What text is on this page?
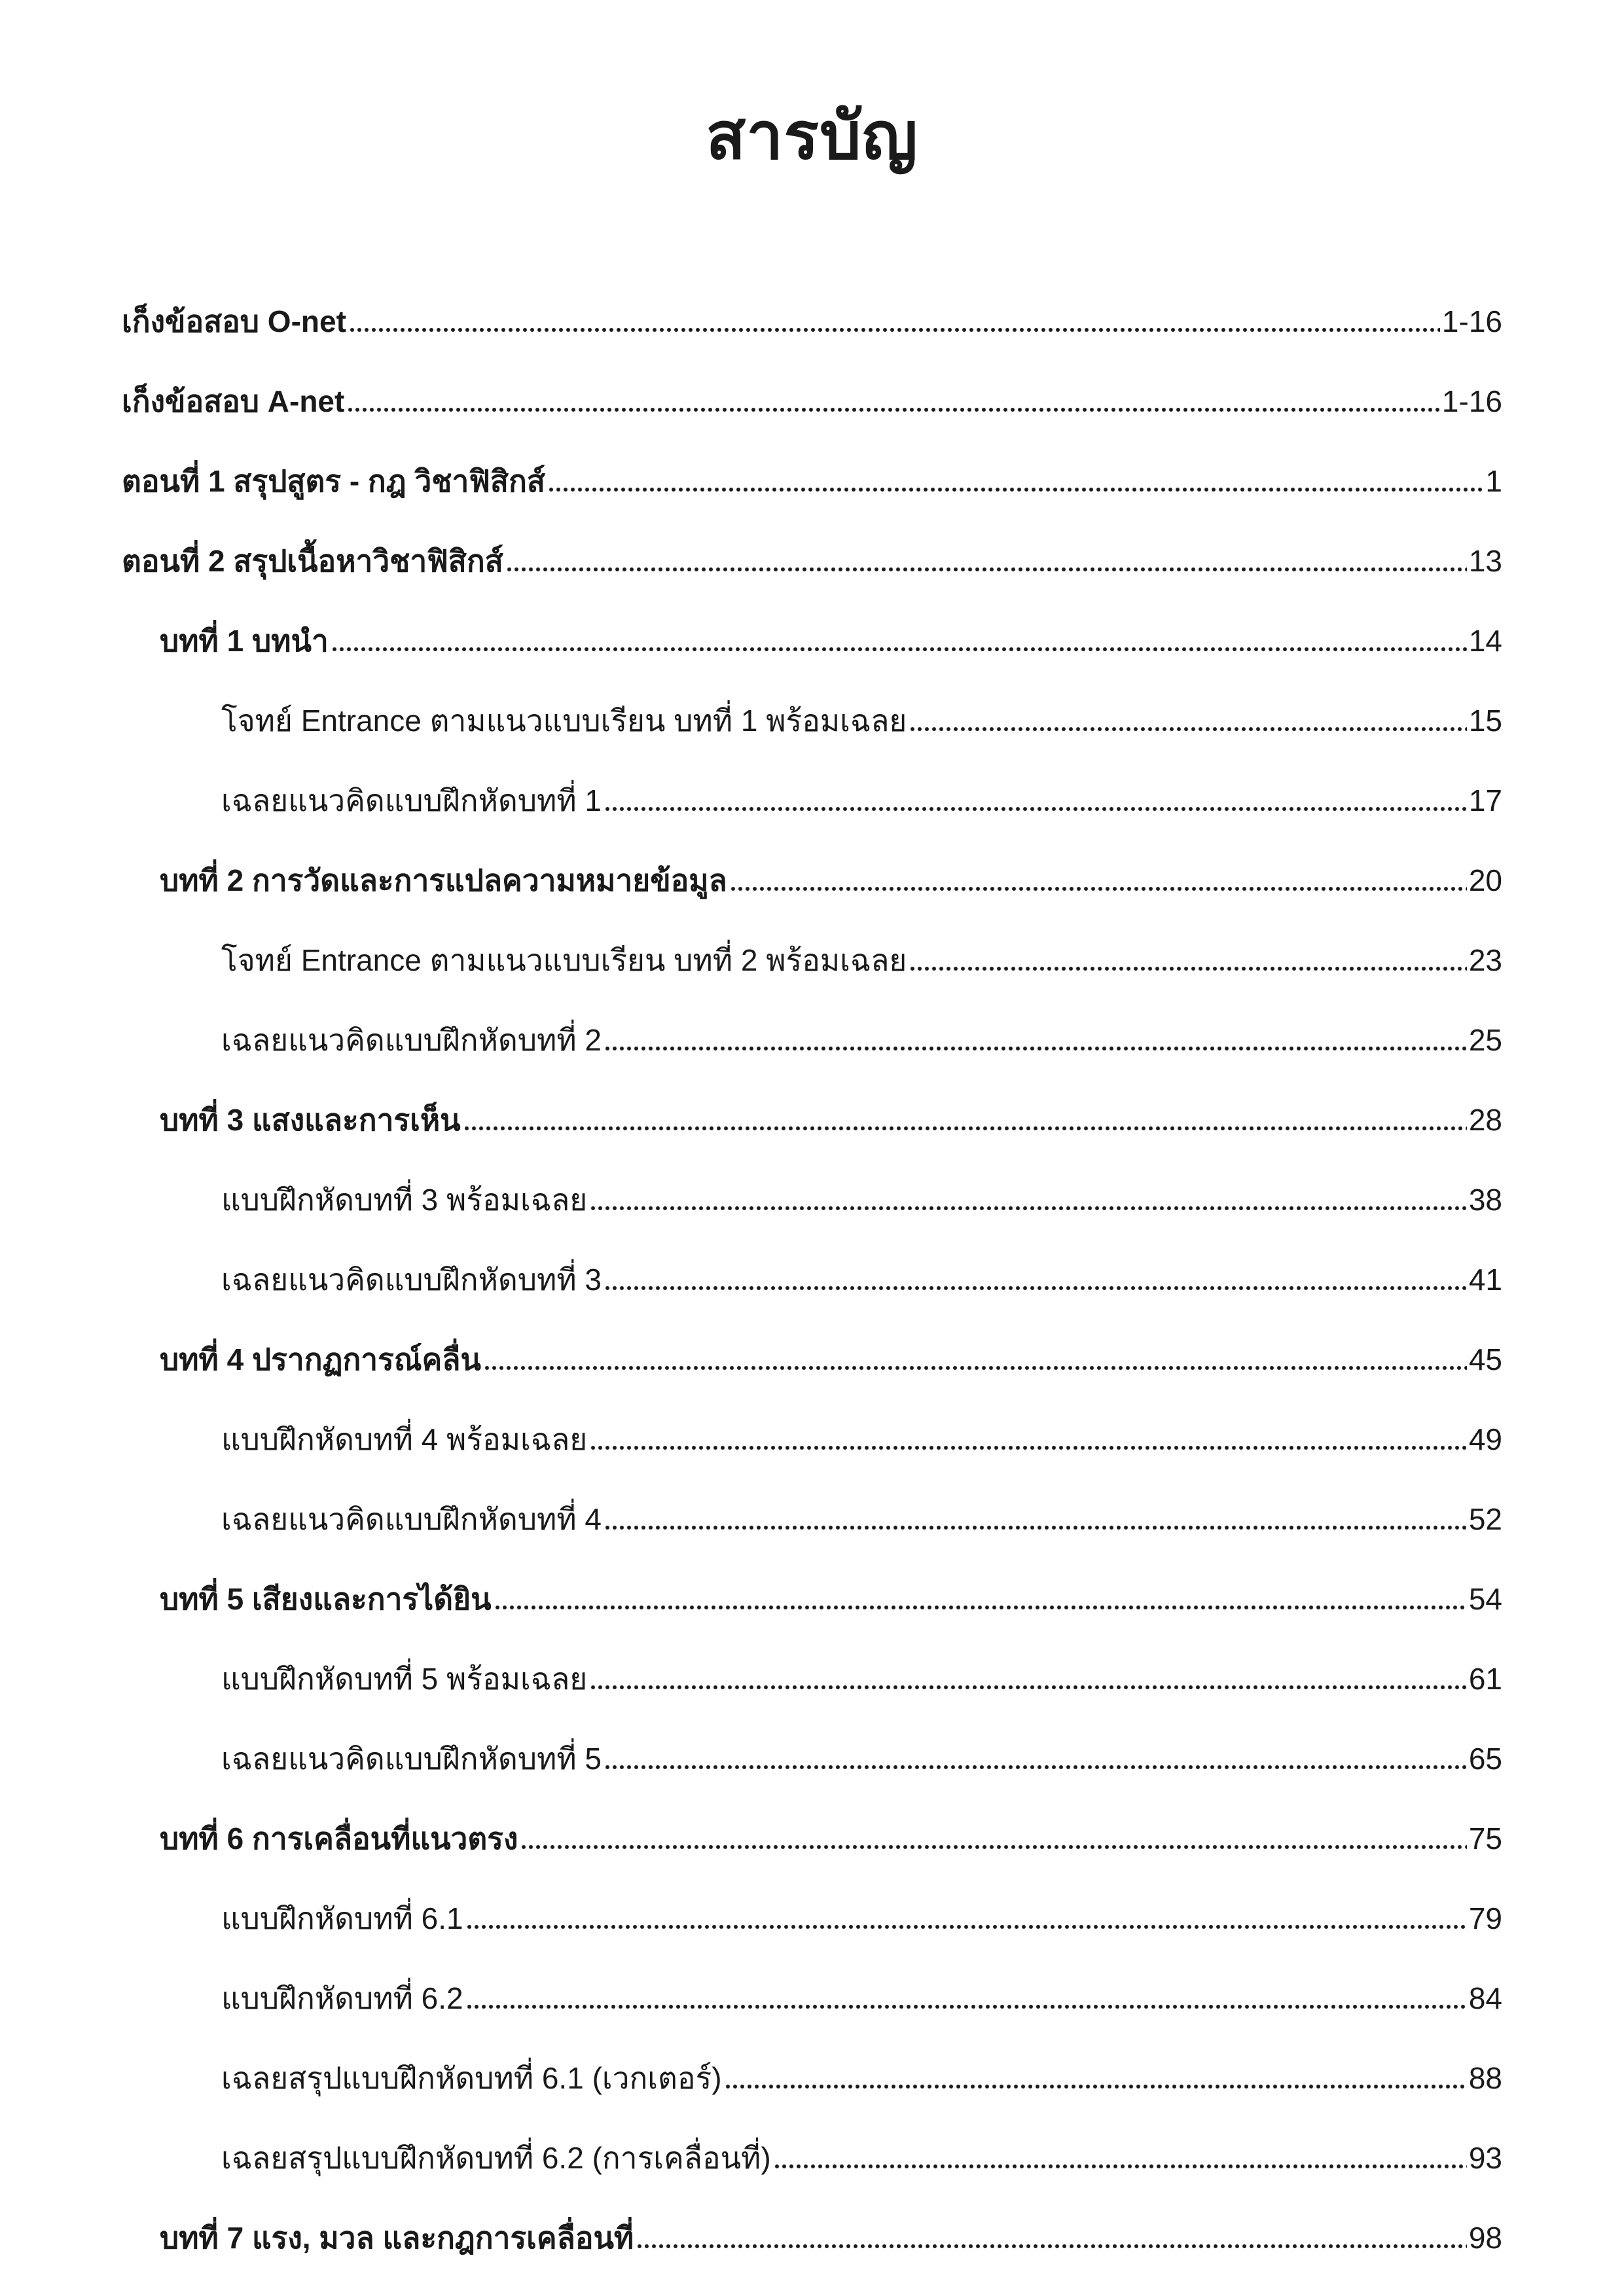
สารบัญ
เก็งข้อสอบ O-net	1-16
เก็งข้อสอบ A-net	1-16
ตอนที่ 1 สรุปสูตร - กฎ วิชาฟิสิกส์	1
ตอนที่ 2 สรุปเนื้อหาวิชาฟิสิกส์	13
บทที่ 1 บทนำ	14
โจทย์ Entrance ตามแนวแบบเรียน บทที่ 1 พร้อมเฉลย	15
เฉลยแนวคิดแบบฝึกหัดบทที่ 1	17
บทที่ 2 การวัดและการแปลความหมายข้อมูล	20
โจทย์ Entrance ตามแนวแบบเรียน บทที่ 2 พร้อมเฉลย	23
เฉลยแนวคิดแบบฝึกหัดบทที่ 2	25
บทที่ 3 แสงและการเห็น	28
แบบฝึกหัดบทที่ 3 พร้อมเฉลย	38
เฉลยแนวคิดแบบฝึกหัดบทที่ 3	41
บทที่ 4 ปรากฏการณ์คลื่น	45
แบบฝึกหัดบทที่ 4 พร้อมเฉลย	49
เฉลยแนวคิดแบบฝึกหัดบทที่ 4	52
บทที่ 5 เสียงและการได้ยิน	54
แบบฝึกหัดบทที่ 5 พร้อมเฉลย	61
เฉลยแนวคิดแบบฝึกหัดบทที่ 5	65
บทที่ 6 การเคลื่อนที่แนวตรง	75
แบบฝึกหัดบทที่ 6.1	79
แบบฝึกหัดบทที่ 6.2	84
เฉลยสรุปแบบฝึกหัดบทที่ 6.1 (เวกเตอร์)	88
เฉลยสรุปแบบฝึกหัดบทที่ 6.2 (การเคลื่อนที่)	93
บทที่ 7 แรง, มวล และกฎการเคลื่อนที่	98
